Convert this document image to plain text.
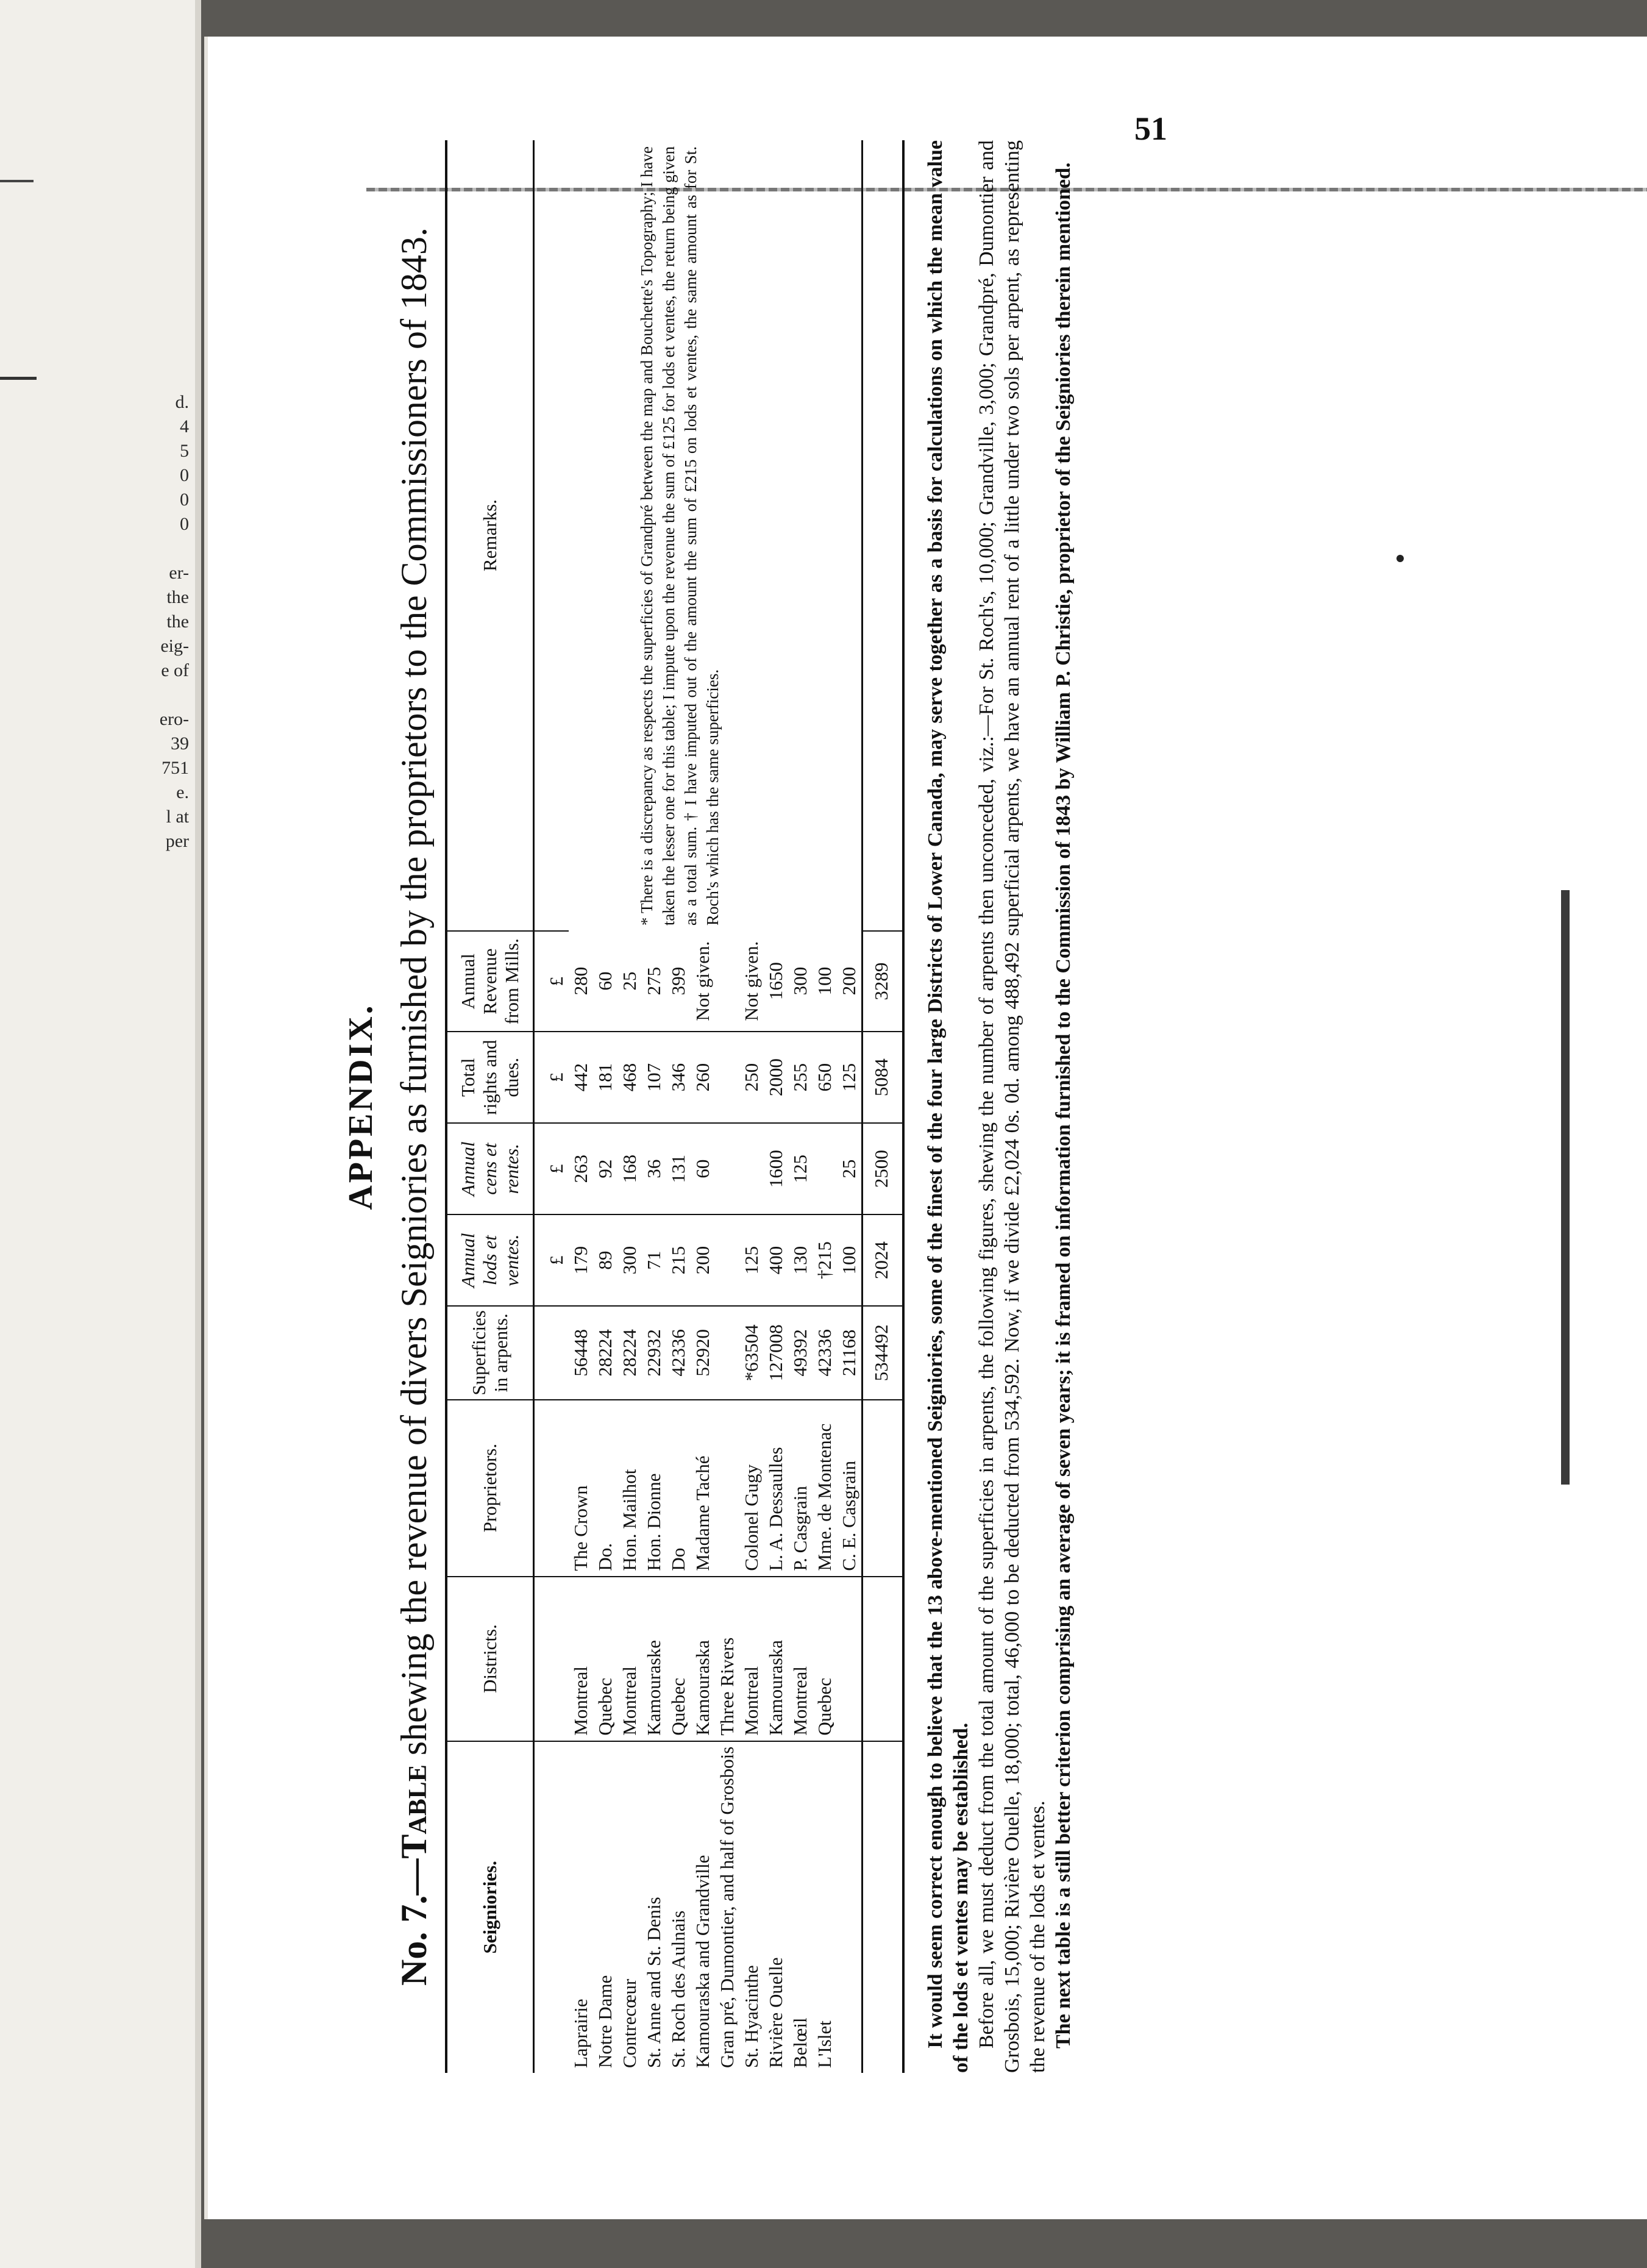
d.
4
5
0
0
0
er-
the
the
eig-
e of
ero-
39
751
e.
l at
per
51
APPENDIX.
No. 7.—Table shewing the revenue of divers Seigniories as furnished by the proprietors to the Commissioners of 1843.
Seigniories.	Districts.	Proprietors.	Superficies in arpents.	Annual lods et ventes.	Annual cens et rentes.	Total rights and dues.	Annual Revenue from Mills.	Remarks.
				£	£	£	£	* There is a discrepancy as respects the superficies of Grandpré between the map and Bouchette's Topography; I have taken the lesser one for this table; I impute upon the revenue the sum of £125 for lods et ventes, the return being given as a total sum. † I have imputed out of the amount the sum of £215 on lods et ventes, the same amount as for St. Roch's which has the same superficies.

Laprairie	Montreal	The Crown	56448	179	263	442	280	
Notre Dame	Quebec	Do.	28224	89	92	181	60	
Contrecœur	Montreal	Hon. Mailhot	28224	300	168	468	25	
St. Anne and St. Denis	Kamouraske	Hon. Dionne	22932	71	36	107	275	
St. Roch des Aulnais	Quebec	Do	42336	215	131	346	399	
Kamouraska and Grandville	Kamouraska	Madame Taché	52920	200	60	260	Not given.	
Gran pré, Dumontier, and half of Grosbois	Three Rivers							
St. Hyacinthe	Montreal	Colonel Gugy	*63504	125		250	Not given.	
Rivière Ouelle	Kamouraska	L. A. Dessaulles	127008	400	1600	2000	1650	
Belœil	Montreal	P. Casgrain	49392	130	125	255	300	
L'Islet	Quebec	Mme. de Montenac	42336	†215		650	100	
		C. E. Casgrain	21168	100	25	125	200	
			534492	2024	2500	5084	3289	It would seem correct enough to believe that the 13 above-mentioned Seigniories, some of the finest of the four large Districts of Lower Canada, may serve together as a basis for calculations on which the mean value of the lods et ventes may be established. Before all, we must deduct from the total amount of the superficies in arpents, the following figures, shewing the number of arpents then unconceded, viz.:—For St. Roch's, 10,000; Grandville, 3,000; Grandpré, Dumontier and Grosbois, 15,000; Rivière Ouelle, 18,000; total, 46,000 to be deducted from 534,592. Now, if we divide £2,024 0s. 0d. among 488,492 superficial arpents, we have an annual rent of a little under two sols per arpent, as representing the revenue of the lods et ventes. The next table is a still better criterion comprising an average of seven years; it is framed on information furnished to the Commission of 1843 by William P. Christie, proprietor of the Seigniories therein mentioned.
